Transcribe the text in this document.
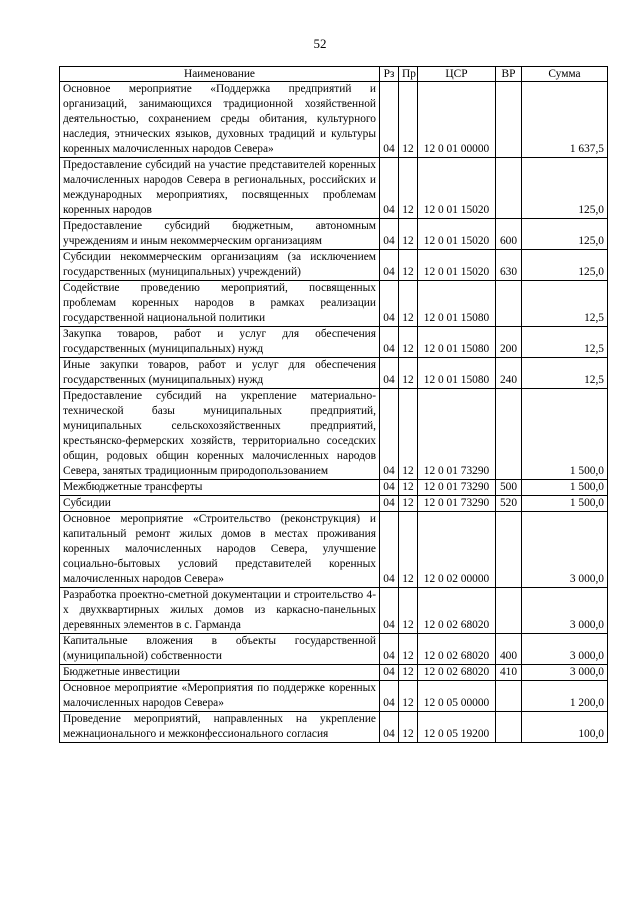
52
Наименование	Рз	Пр	ЦСР	ВР	Сумма
Основное мероприятие «Поддержка предприятий и организаций, занимающихся традиционной хозяйственной деятельностью, сохранением среды обитания, культурного наследия, этнических языков, духовных традиций и культуры коренных малочисленных народов Севера»	04	12	12 0 01 00000		1 637,5
Предоставление субсидий на участие представителей коренных малочисленных народов Севера в региональных, российских и международных мероприятиях, посвященных проблемам коренных народов	04	12	12 0 01 15020		125,0
Предоставление субсидий бюджетным, автономным учреждениям и иным некоммерческим организациям	04	12	12 0 01 15020	600	125,0
Субсидии некоммерческим организациям (за исключением государственных (муниципальных) учреждений)	04	12	12 0 01 15020	630	125,0
Содействие проведению мероприятий, посвященных проблемам коренных народов в рамках реализации государственной национальной политики	04	12	12 0 01 15080		12,5
Закупка товаров, работ и услуг для обеспечения государственных (муниципальных) нужд	04	12	12 0 01 15080	200	12,5
Иные закупки товаров, работ и услуг для обеспечения государственных (муниципальных) нужд	04	12	12 0 01 15080	240	12,5
Предоставление субсидий на укрепление материально-технической базы муниципальных предприятий, муниципальных сельскохозяйственных предприятий, крестьянско-фермерских хозяйств, территориально соседских общин, родовых общин коренных малочисленных народов Севера, занятых традиционным природопользованием	04	12	12 0 01 73290		1 500,0
Межбюджетные трансферты	04	12	12 0 01 73290	500	1 500,0
Субсидии	04	12	12 0 01 73290	520	1 500,0
Основное мероприятие «Строительство (реконструкция) и капитальный ремонт жилых домов в местах проживания коренных малочисленных народов Севера, улучшение социально-бытовых условий представителей коренных малочисленных народов Севера»	04	12	12 0 02 00000		3 000,0
Разработка проектно-сметной документации и строительство 4-х двухквартирных жилых домов из каркасно-панельных деревянных элементов в с. Гарманда	04	12	12 0 02 68020		3 000,0
Капитальные вложения в объекты государственной (муниципальной) собственности	04	12	12 0 02 68020	400	3 000,0
Бюджетные инвестиции	04	12	12 0 02 68020	410	3 000,0
Основное мероприятие «Мероприятия по поддержке коренных малочисленных народов Севера»	04	12	12 0 05 00000		1 200,0
Проведение мероприятий, направленных на укрепление межнационального и межконфессионального согласия	04	12	12 0 05 19200		100,0
